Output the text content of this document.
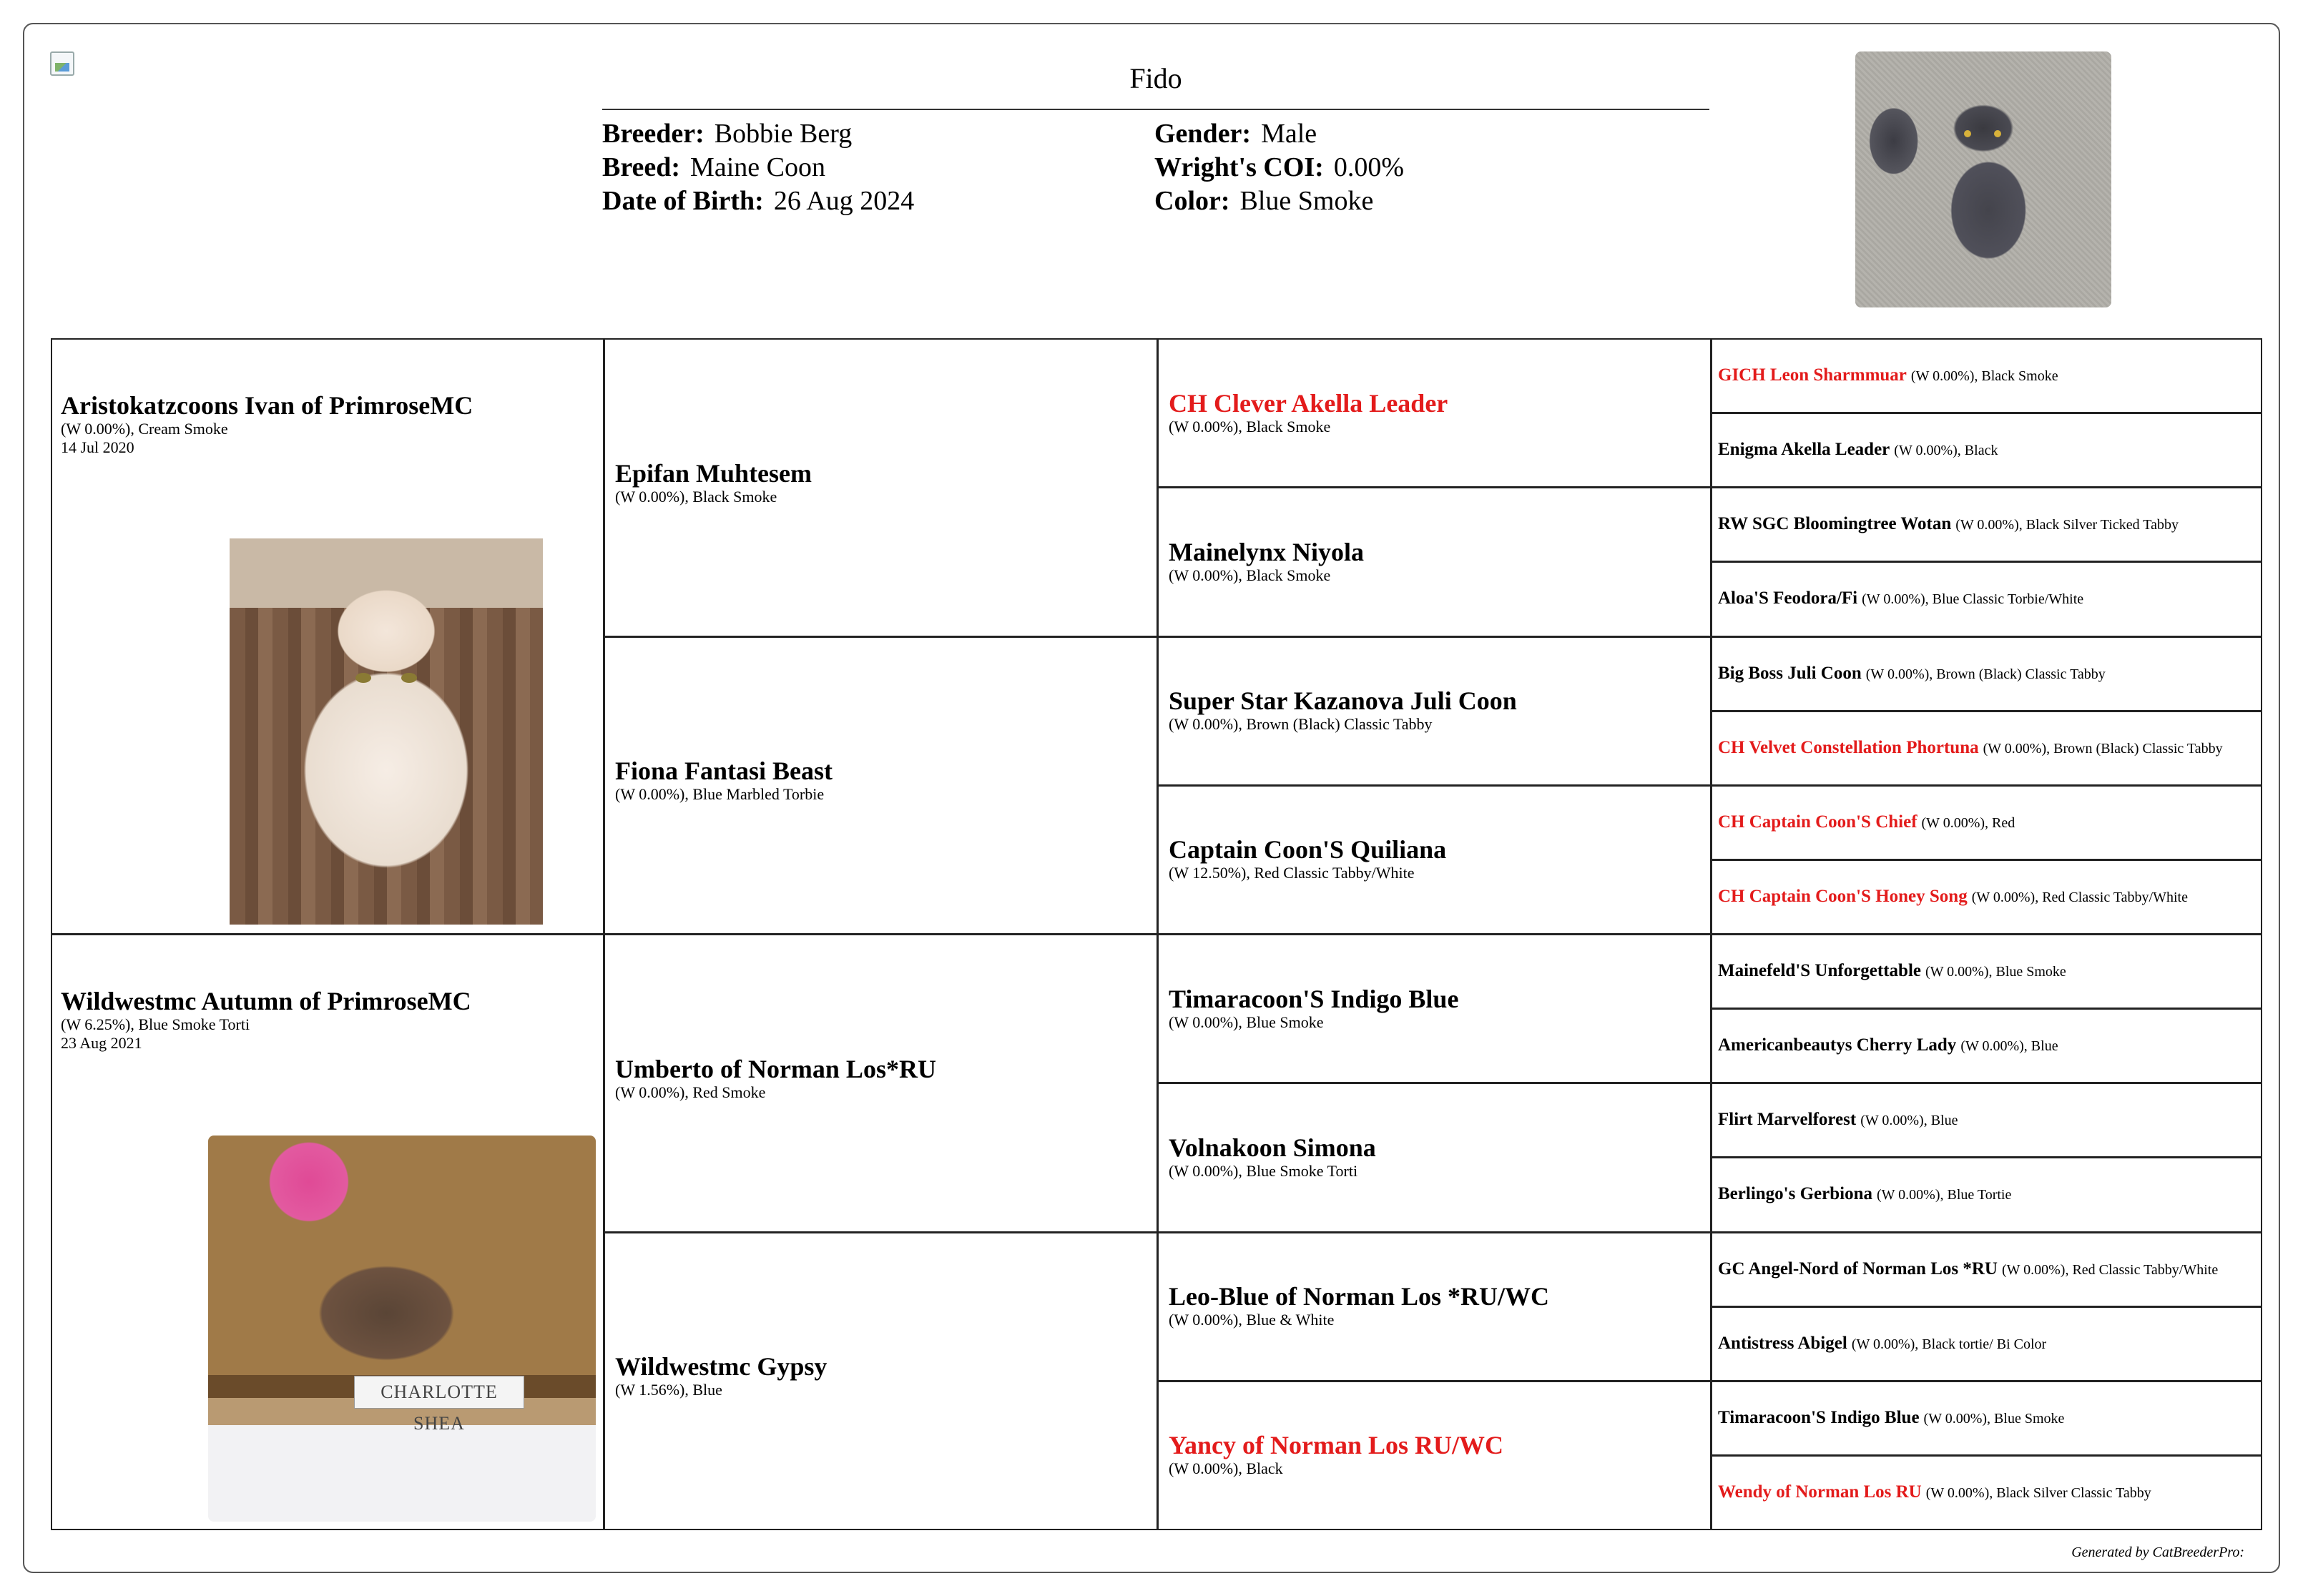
Fido
Breeder: Bobbie Berg
Breed: Maine Coon
Date of Birth: 26 Aug 2024
Gender: Male
Wright's COI: 0.00%
Color: Blue Smoke
Aristokatzcoons Ivan of PrimroseMC
(W 0.00%), Cream Smoke
14 Jul 2020
Wildwestmc Autumn of PrimroseMC
(W 6.25%), Blue Smoke Torti
23 Aug 2021
CHARLOTTE SHEA
Epifan Muhtesem
(W 0.00%), Black Smoke
Fiona Fantasi Beast
(W 0.00%), Blue Marbled Torbie
Umberto of Norman Los*RU
(W 0.00%), Red Smoke
Wildwestmc Gypsy
(W 1.56%), Blue
CH Clever Akella Leader
(W 0.00%), Black Smoke
Mainelynx Niyola
(W 0.00%), Black Smoke
Super Star Kazanova Juli Coon
(W 0.00%), Brown (Black) Classic Tabby
Captain Coon'S Quiliana
(W 12.50%), Red Classic Tabby/White
Timaracoon'S Indigo Blue
(W 0.00%), Blue Smoke
Volnakoon Simona
(W 0.00%), Blue Smoke Torti
Leo-Blue of Norman Los *RU/WC
(W 0.00%), Blue & White
Yancy of Norman Los RU/WC
(W 0.00%), Black
GICH Leon Sharmmuar (W 0.00%), Black Smoke
Enigma Akella Leader (W 0.00%), Black
RW SGC Bloomingtree Wotan (W 0.00%), Black Silver Ticked Tabby
Aloa'S Feodora/Fi (W 0.00%), Blue Classic Torbie/White
Big Boss Juli Coon (W 0.00%), Brown (Black) Classic Tabby
CH Velvet Constellation Phortuna (W 0.00%), Brown (Black) Classic Tabby
CH Captain Coon'S Chief (W 0.00%), Red
CH Captain Coon'S Honey Song (W 0.00%), Red Classic Tabby/White
Mainefeld'S Unforgettable (W 0.00%), Blue Smoke
Americanbeautys Cherry Lady (W 0.00%), Blue
Flirt Marvelforest (W 0.00%), Blue
Berlingo's Gerbiona (W 0.00%), Blue Tortie
GC Angel-Nord of Norman Los *RU (W 0.00%), Red Classic Tabby/White
Antistress Abigel (W 0.00%), Black tortie/ Bi Color
Timaracoon'S Indigo Blue (W 0.00%), Blue Smoke
Wendy of Norman Los RU (W 0.00%), Black Silver Classic Tabby
Generated by CatBreederPro:
